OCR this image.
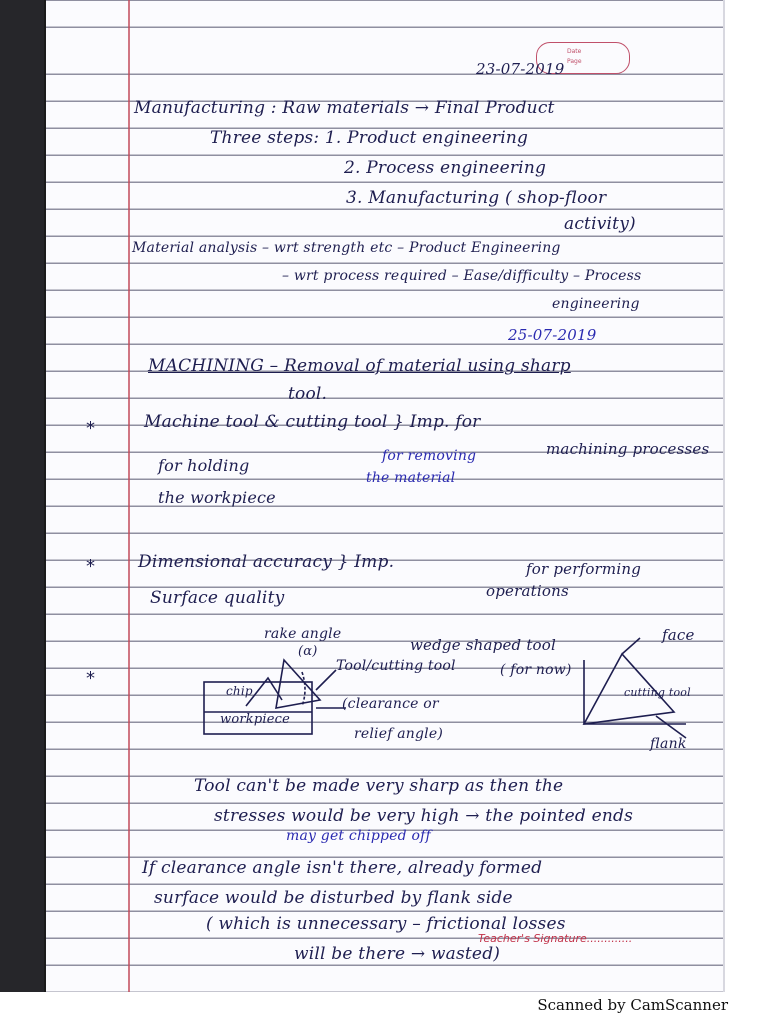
Date
Page
23-07-2019
Manufacturing : Raw materials → Final Product
Three steps: 1. Product engineering
2. Process engineering
3. Manufacturing ( shop-floor
activity)
Material analysis – wrt strength etc – Product Engineering
– wrt process required – Ease/difficulty – Process
engineering
25-07-2019
MACHINING – Removal of material using sharp
tool.
*	Machine tool & cutting tool } Imp. for
for holding	for removing	machining processes
the workpiece
the material
*	Dimensional accuracy } Imp.	for performing
Surface quality	operations
*
rake angle
(α)
Tool/cutting tool
wedge shaped tool
( for now)
chip
workpiece
(clearance or
relief angle)
face
cutting tool
flank
Tool can't be made very sharp as then the
stresses would be very high → the pointed ends
may get chipped off
If clearance angle isn't there, already formed
surface would be disturbed by flank side
( which is unnecessary – frictional losses
will be there → wasted)
Teacher's Signature.............
Scanned by CamScanner
